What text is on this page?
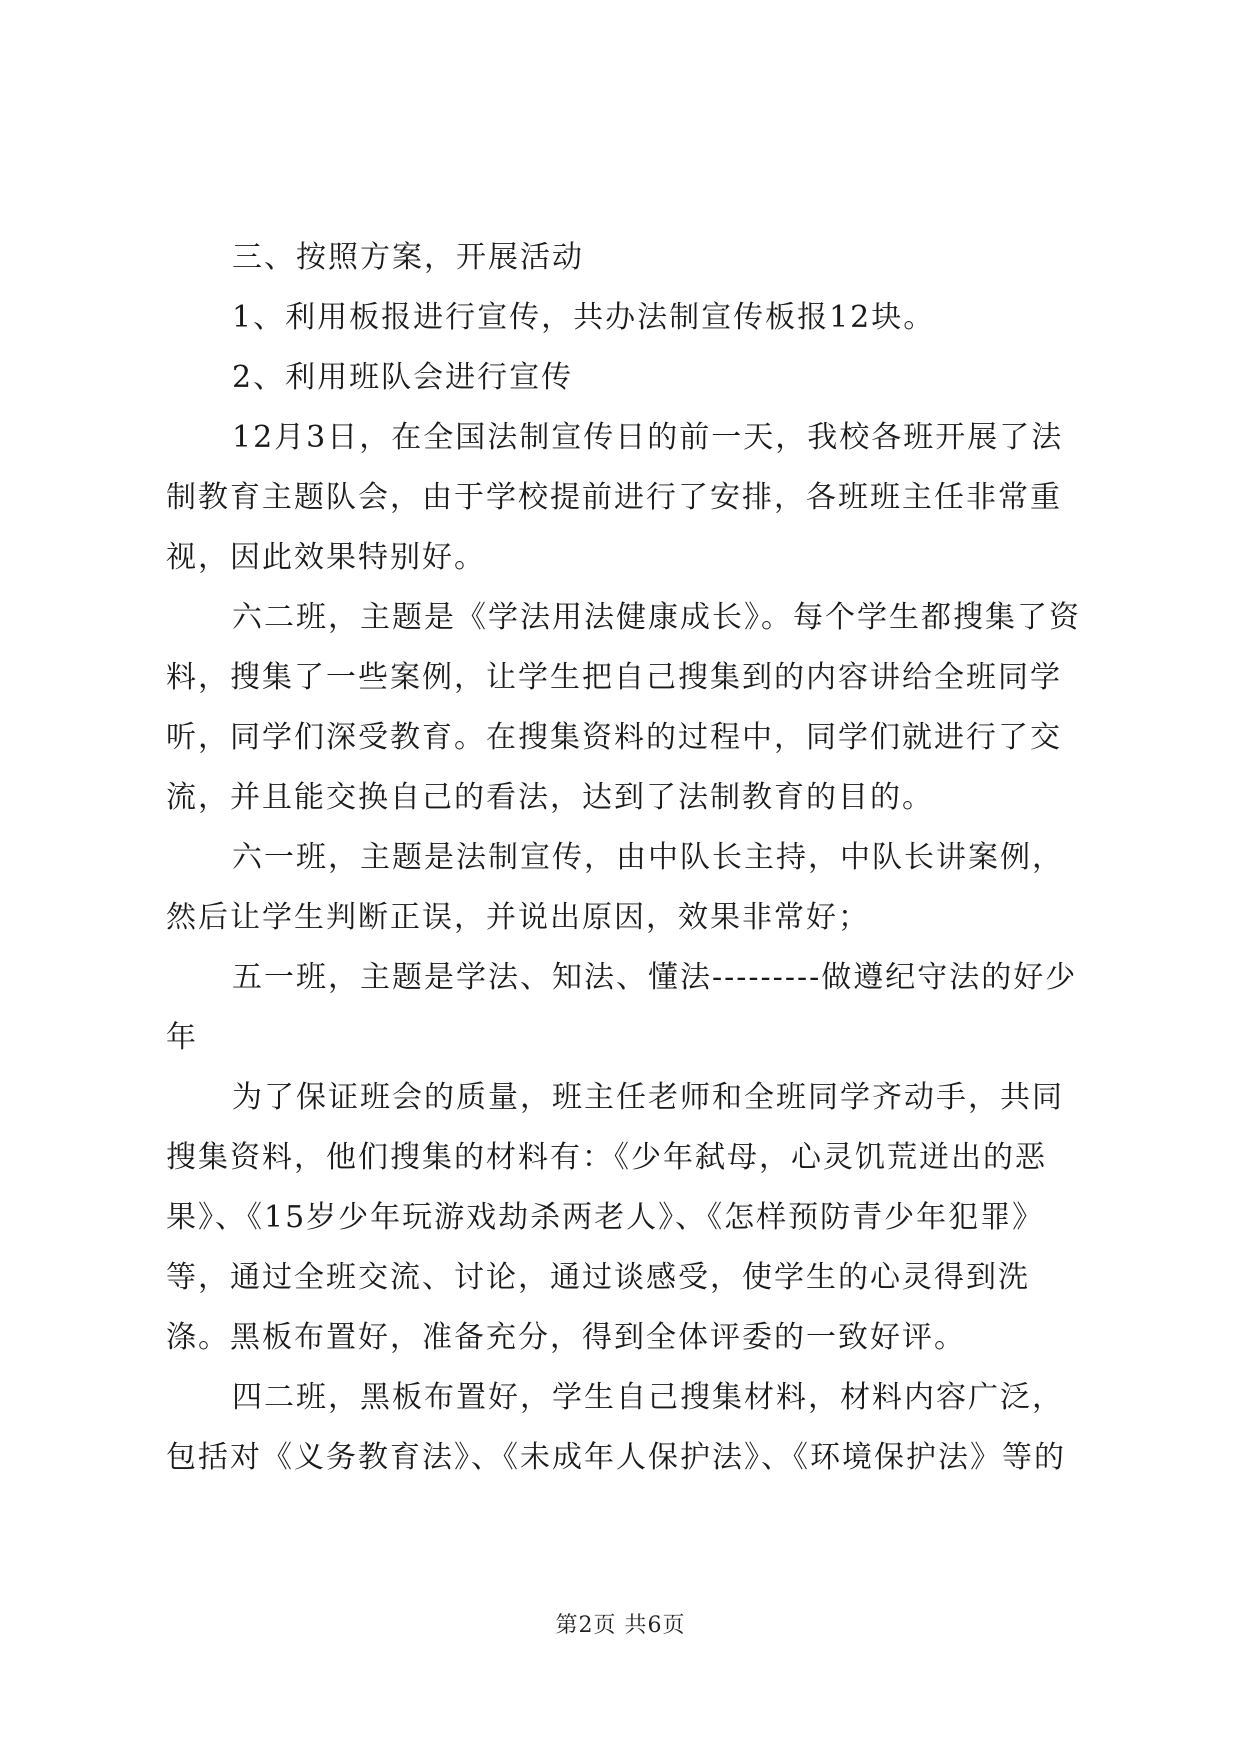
三、按照方案，开展活动

1、利用板报进行宣传，共办法制宣传板报12块。

2、利用班队会进行宣传

12月3日，在全国法制宣传日的前一天，我校各班开展了法制教育主题队会，由于学校提前进行了安排，各班班主任非常重视，因此效果特别好。

六二班，主题是《学法用法健康成长》。每个学生都搜集了资料，搜集了一些案例，让学生把自己搜集到的内容讲给全班同学听，同学们深受教育。在搜集资料的过程中，同学们就进行了交流，并且能交换自己的看法，达到了法制教育的目的。

六一班，主题是法制宣传，由中队长主持，中队长讲案例，然后让学生判断正误，并说出原因，效果非常好；

五一班，主题是学法、知法、懂法---------做遵纪守法的好少年

为了保证班会的质量，班主任老师和全班同学齐动手，共同搜集资料，他们搜集的材料有：《少年弑母，心灵饥荒迸出的恶果》、《15岁少年玩游戏劫杀两老人》、《怎样预防青少年犯罪》等，通过全班交流、讨论，通过谈感受，使学生的心灵得到洗涤。黑板布置好，准备充分，得到全体评委的一致好评。

四二班，黑板布置好，学生自己搜集材料，材料内容广泛，包括对《义务教育法》、《未成年人保护法》、《环境保护法》等的

第2页 共6页
